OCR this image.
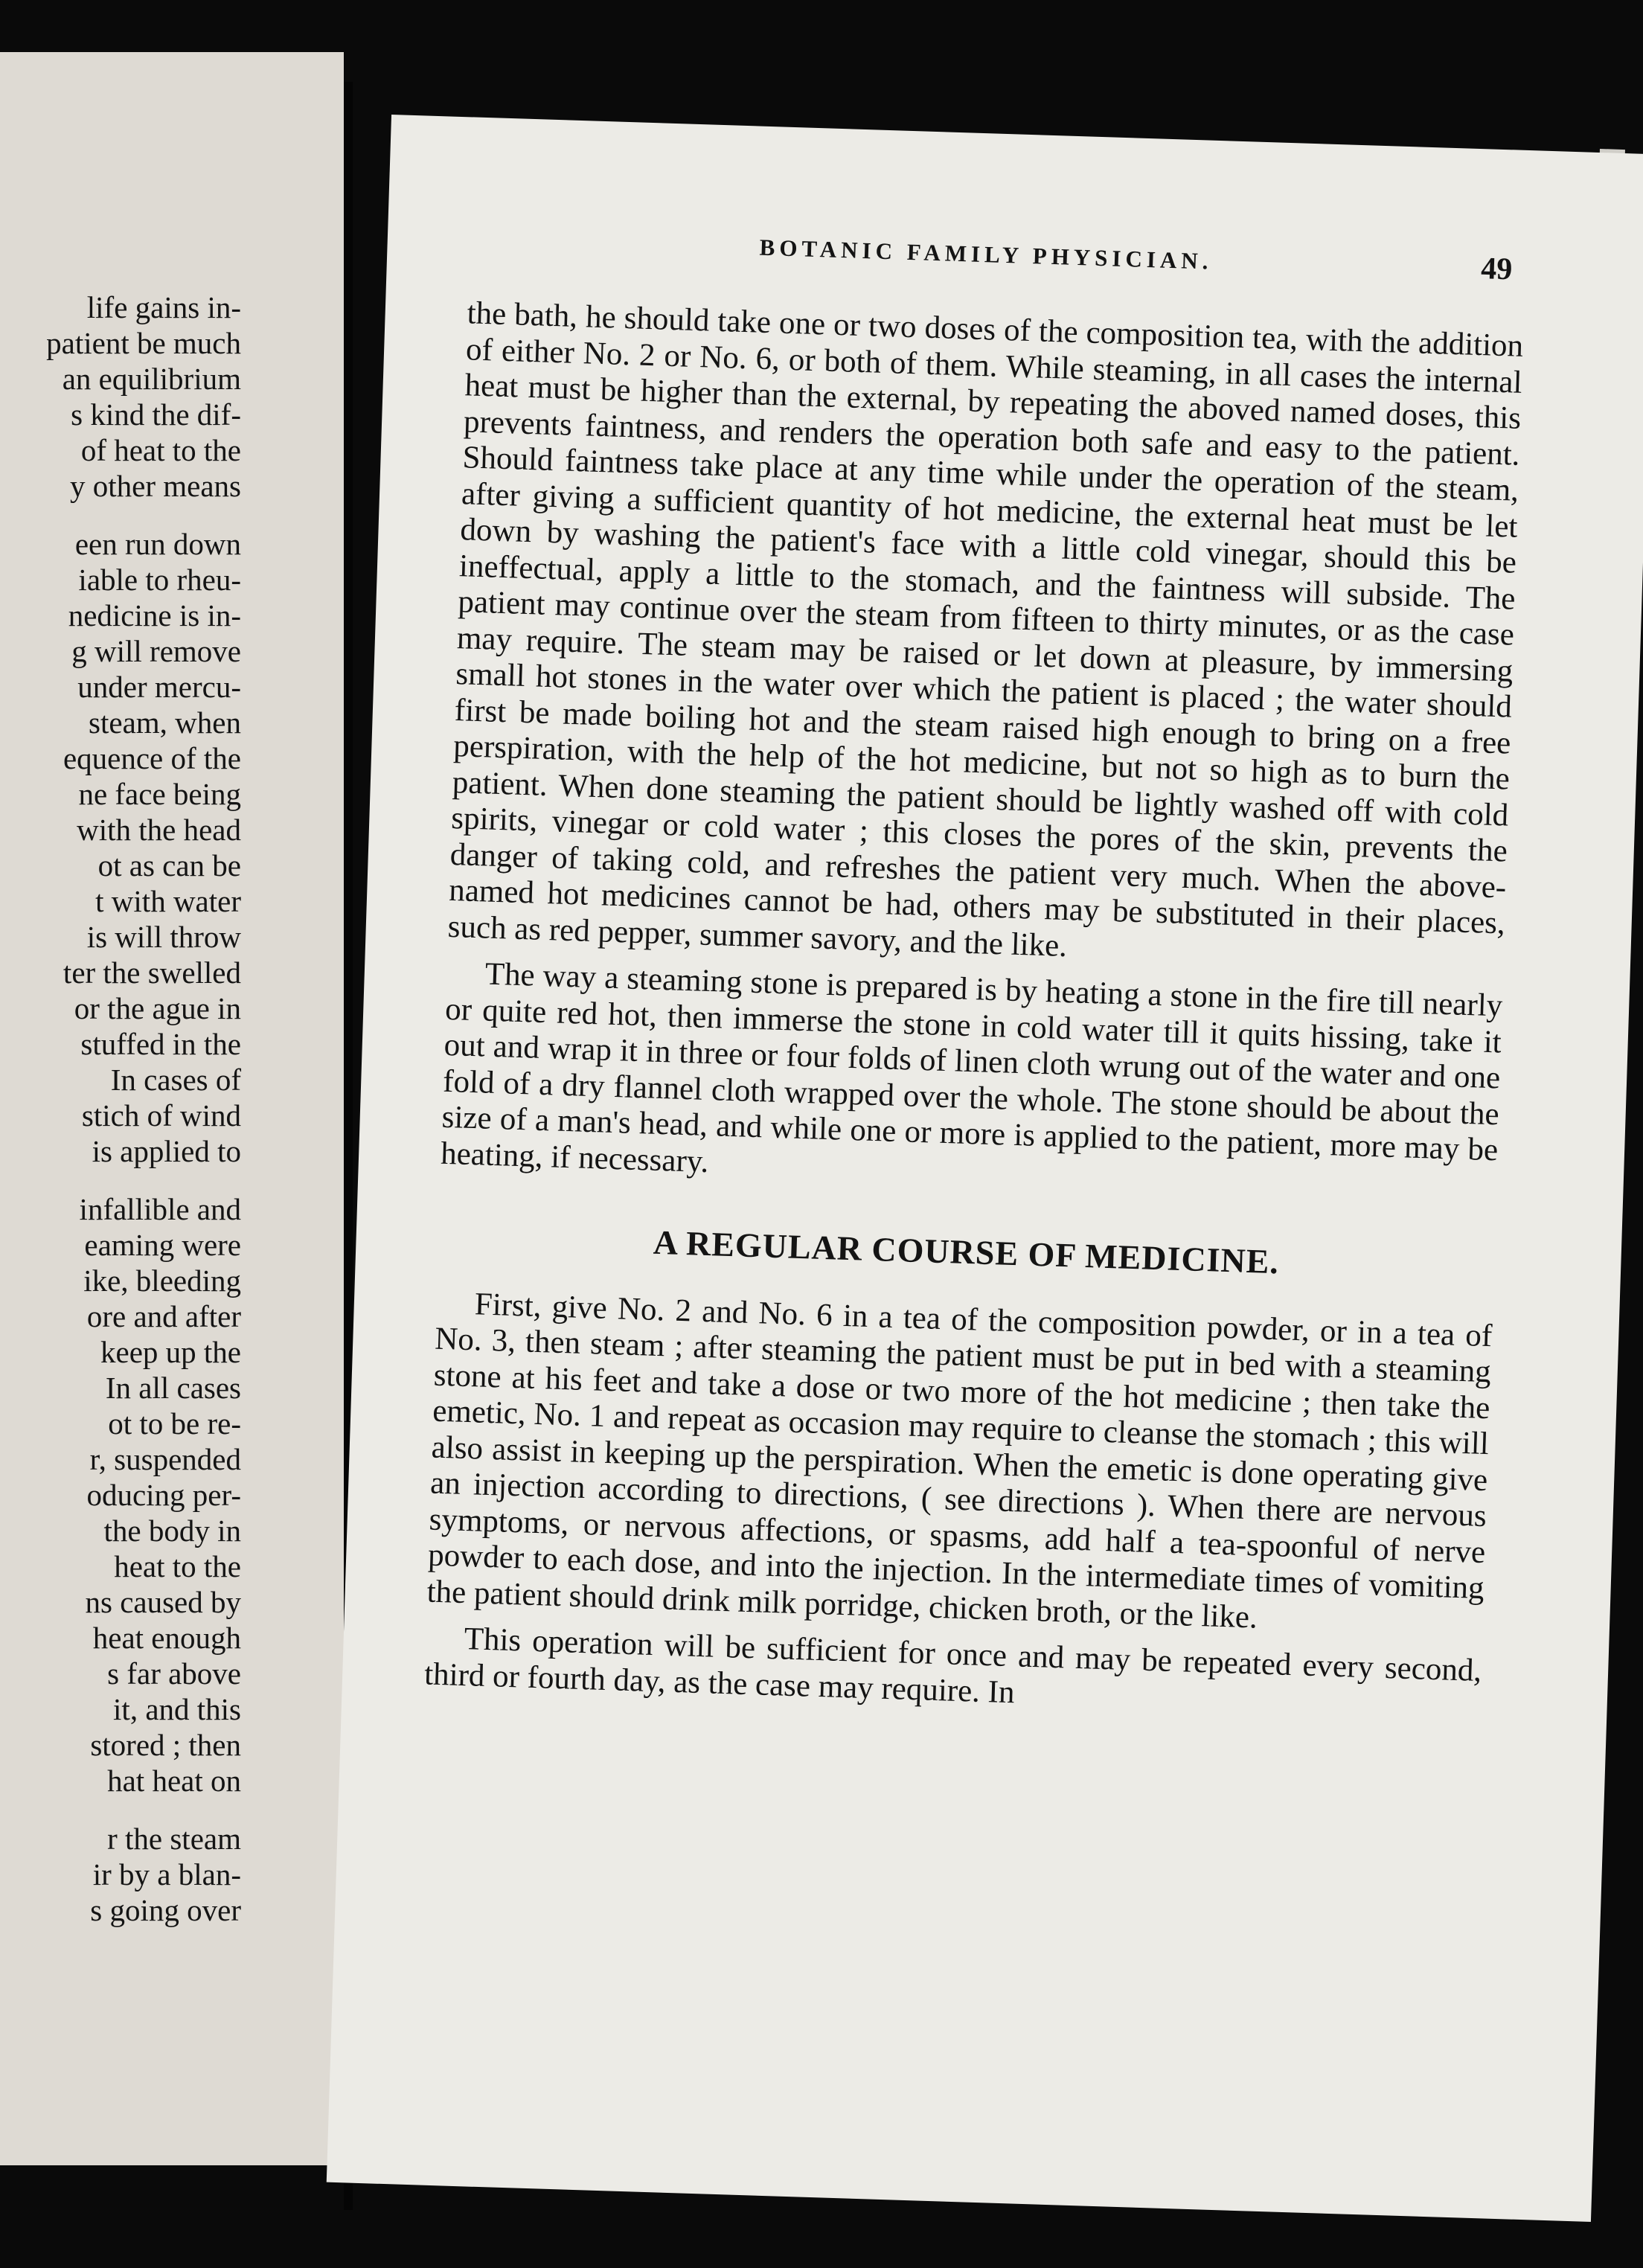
life gains in-
patient be much
an equilibrium
s kind the dif-
of heat to the
y other means
een run down
iable to rheu-
nedicine is in-
g will remove
under mercu-
steam, when
equence of the
ne face being
with the head
ot as can be
t with water
is will throw
ter the swelled
or the ague in
stuffed in the
In cases of
stich of wind
is applied to
infallible and
eaming were
ike, bleeding
ore and after
keep up the
In all cases
ot to be re-
r, suspended
oducing per-
the body in
heat to the
ns caused by
heat enough
s far above
it, and this
stored ; then
hat heat on
r the steam
ir by a blan-
s going over
BOTANIC FAMILY PHYSICIAN.	49

the bath, he should take one or two doses of the composition tea, with the addition of either No. 2 or No. 6, or both of them. While steaming, in all cases the internal heat must be higher than the external, by repeating the aboved named doses, this prevents faintness, and renders the operation both safe and easy to the patient. Should faintness take place at any time while under the operation of the steam, after giving a sufficient quantity of hot medicine, the external heat must be let down by washing the patient's face with a little cold vinegar, should this be ineffectual, apply a little to the stomach, and the faintness will subside. The patient may continue over the steam from fifteen to thirty minutes, or as the case may require. The steam may be raised or let down at pleasure, by immersing small hot stones in the water over which the patient is placed ; the water should first be made boiling hot and the steam raised high enough to bring on a free perspiration, with the help of the hot medicine, but not so high as to burn the patient. When done steaming the patient should be lightly washed off with cold spirits, vinegar or cold water ; this closes the pores of the skin, prevents the danger of taking cold, and refreshes the patient very much. When the above-named hot medicines cannot be had, others may be substituted in their places, such as red pepper, summer savory, and the like.

The way a steaming stone is prepared is by heating a stone in the fire till nearly or quite red hot, then immerse the stone in cold water till it quits hissing, take it out and wrap it in three or four folds of linen cloth wrung out of the water and one fold of a dry flannel cloth wrapped over the whole. The stone should be about the size of a man's head, and while one or more is applied to the patient, more may be heating, if necessary.

A REGULAR COURSE OF MEDICINE.

First, give No. 2 and No. 6 in a tea of the composition powder, or in a tea of No. 3, then steam ; after steaming the patient must be put in bed with a steaming stone at his feet and take a dose or two more of the hot medicine ; then take the emetic, No. 1 and repeat as occasion may require to cleanse the stomach ; this will also assist in keeping up the perspiration. When the emetic is done operating give an injection according to directions, ( see directions ). When there are nervous symptoms, or nervous affections, or spasms, add half a tea-spoonful of nerve powder to each dose, and into the injection. In the intermediate times of vomiting the patient should drink milk porridge, chicken broth, or the like.

This operation will be sufficient for once and may be repeated every second, third or fourth day, as the case may require. In
